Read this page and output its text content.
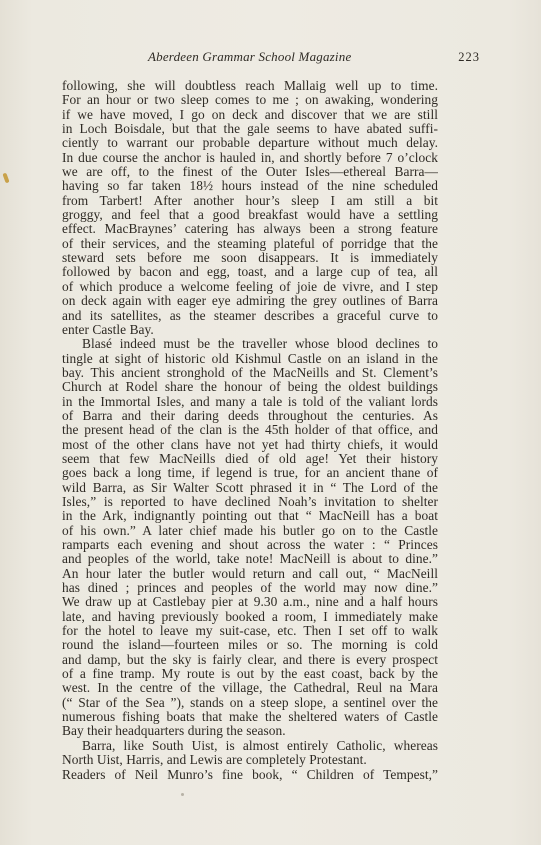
Aberdeen Grammar School Magazine	223
following, she will doubtless reach Mallaig well up to time.
For an hour or two sleep comes to me ; on awaking, wondering
if we have moved, I go on deck and discover that we are still
in Loch Boisdale, but that the gale seems to have abated suffi-
ciently to warrant our probable departure without much delay.
In due course the anchor is hauled in, and shortly before 7 o’clock
we are off, to the finest of the Outer Isles—ethereal Barra—
having so far taken 18½ hours instead of the nine scheduled
from Tarbert! After another hour’s sleep I am still a bit
groggy, and feel that a good breakfast would have a settling
effect. MacBraynes’ catering has always been a strong feature
of their services, and the steaming plateful of porridge that the
steward sets before me soon disappears. It is immediately
followed by bacon and egg, toast, and a large cup of tea, all
of which produce a welcome feeling of joie de vivre, and I step
on deck again with eager eye admiring the grey outlines of Barra
and its satellites, as the steamer describes a graceful curve to
enter Castle Bay.
Blasé indeed must be the traveller whose blood declines to
tingle at sight of historic old Kishmul Castle on an island in the
bay. This ancient stronghold of the MacNeills and St. Clement’s
Church at Rodel share the honour of being the oldest buildings
in the Immortal Isles, and many a tale is told of the valiant lords
of Barra and their daring deeds throughout the centuries. As
the present head of the clan is the 45th holder of that office, and
most of the other clans have not yet had thirty chiefs, it would
seem that few MacNeills died of old age! Yet their history
goes back a long time, if legend is true, for an ancient thane of
wild Barra, as Sir Walter Scott phrased it in “ The Lord of the
Isles,” is reported to have declined Noah’s invitation to shelter
in the Ark, indignantly pointing out that “ MacNeill has a boat
of his own.” A later chief made his butler go on to the Castle
ramparts each evening and shout across the water : “ Princes
and peoples of the world, take note! MacNeill is about to dine.”
An hour later the butler would return and call out, “ MacNeill
has dined ; princes and peoples of the world may now dine.”
We draw up at Castlebay pier at 9.30 a.m., nine and a half hours
late, and having previously booked a room, I immediately make
for the hotel to leave my suit-case, etc. Then I set off to walk
round the island—fourteen miles or so. The morning is cold
and damp, but the sky is fairly clear, and there is every prospect
of a fine tramp. My route is out by the east coast, back by the
west. In the centre of the village, the Cathedral, Reul na Mara
(“ Star of the Sea ”), stands on a steep slope, a sentinel over the
numerous fishing boats that make the sheltered waters of Castle
Bay their headquarters during the season.
Barra, like South Uist, is almost entirely Catholic, whereas
North Uist, Harris, and Lewis are completely Protestant.
Readers of Neil Munro’s fine book, “ Children of Tempest,”
